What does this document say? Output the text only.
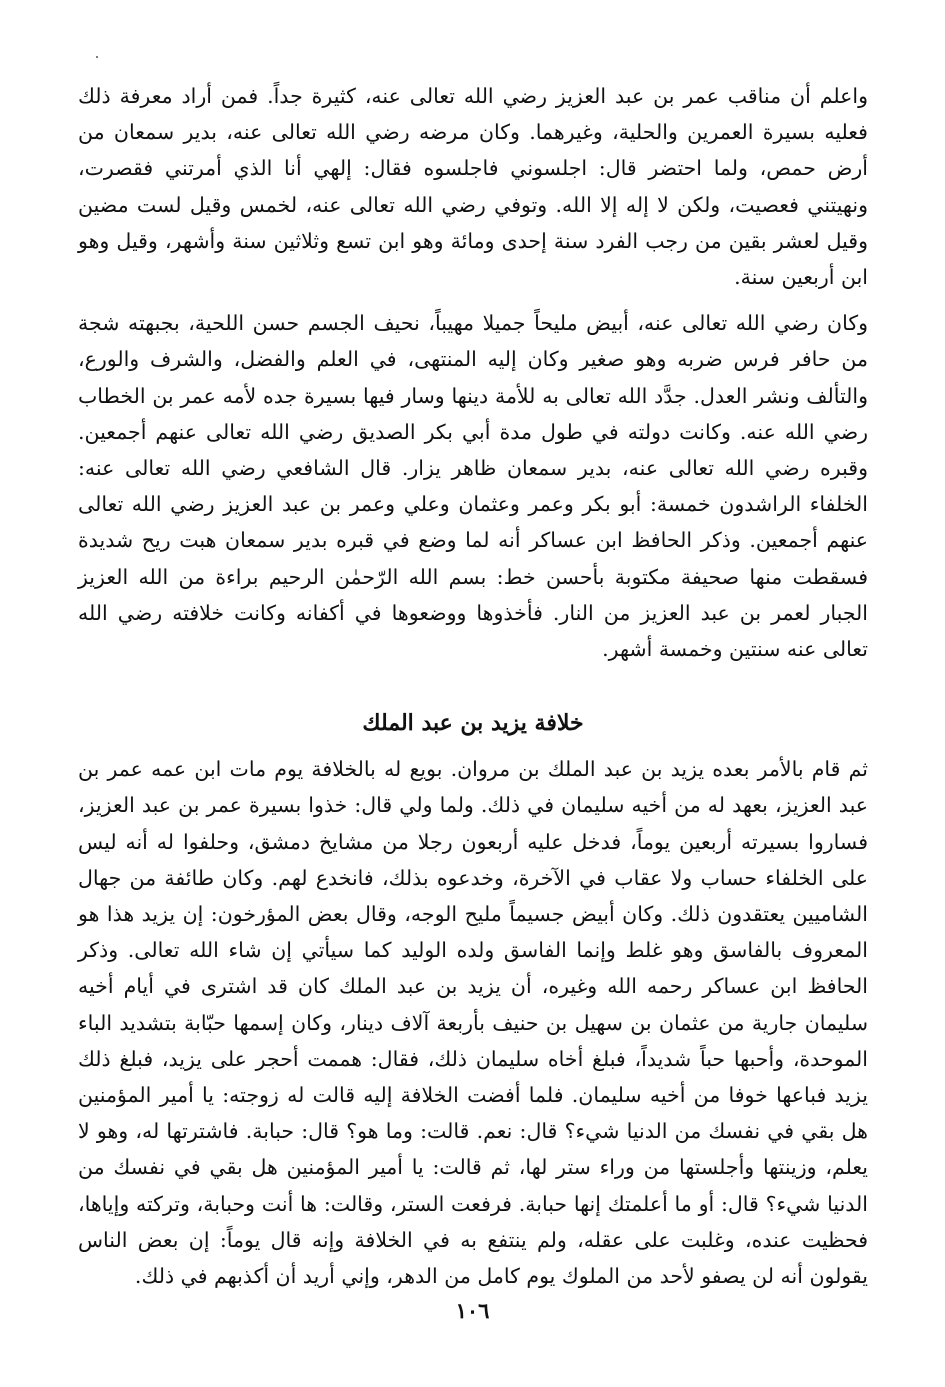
واعلم أن مناقب عمر بن عبد العزيز رضي الله تعالى عنه، كثيرة جداً. فمن أراد معرفة ذلك فعليه بسيرة العمرين والحلية، وغيرهما. وكان مرضه رضي الله تعالى عنه، بدير سمعان من أرض حمص، ولما احتضر قال: اجلسوني فاجلسوه فقال: إلهي أنا الذي أمرتني فقصرت، ونهيتني فعصيت، ولكن لا إله إلا الله. وتوفي رضي الله تعالى عنه، لخمس وقيل لست مضين وقيل لعشر بقين من رجب الفرد سنة إحدى ومائة وهو ابن تسع وثلاثين سنة وأشهر، وقيل وهو ابن أربعين سنة.

وكان رضي الله تعالى عنه، أبيض مليحاً جميلا مهيباً، نحيف الجسم حسن اللحية، بجبهته شجة من حافر فرس ضربه وهو صغير وكان إليه المنتهى، في العلم والفضل، والشرف والورع، والتألف ونشر العدل. جدَّد الله تعالى به للأمة دينها وسار فيها بسيرة جده لأمه عمر بن الخطاب رضي الله عنه. وكانت دولته في طول مدة أبي بكر الصديق رضي الله تعالى عنهم أجمعين. وقبره رضي الله تعالى عنه، بدير سمعان ظاهر يزار. قال الشافعي رضي الله تعالى عنه: الخلفاء الراشدون خمسة: أبو بكر وعمر وعثمان وعلي وعمر بن عبد العزيز رضي الله تعالى عنهم أجمعين. وذكر الحافظ ابن عساكر أنه لما وضع في قبره بدير سمعان هبت ريح شديدة فسقطت منها صحيفة مكتوبة بأحسن خط: بسم الله الرّحمٰن الرحيم براءة من الله العزيز الجبار لعمر بن عبد العزيز من النار. فأخذوها ووضعوها في أكفانه وكانت خلافته رضي الله تعالى عنه سنتين وخمسة أشهر.

خلافة يزيد بن عبد الملك

ثم قام بالأمر بعده يزيد بن عبد الملك بن مروان. بويع له بالخلافة يوم مات ابن عمه عمر بن عبد العزيز، بعهد له من أخيه سليمان في ذلك. ولما ولي قال: خذوا بسيرة عمر بن عبد العزيز، فساروا بسيرته أربعين يوماً، فدخل عليه أربعون رجلا من مشايخ دمشق، وحلفوا له أنه ليس على الخلفاء حساب ولا عقاب في الآخرة، وخدعوه بذلك، فانخدع لهم. وكان طائفة من جهال الشاميين يعتقدون ذلك. وكان أبيض جسيماً مليح الوجه، وقال بعض المؤرخون: إن يزيد هذا هو المعروف بالفاسق وهو غلط وإنما الفاسق ولده الوليد كما سيأتي إن شاء الله تعالى. وذكر الحافظ ابن عساكر رحمه الله وغيره، أن يزيد بن عبد الملك كان قد اشترى في أيام أخيه سليمان جارية من عثمان بن سهيل بن حنيف بأربعة آلاف دينار، وكان إسمها حبّابة بتشديد الباء الموحدة، وأحبها حباً شديداً، فبلغ أخاه سليمان ذلك، فقال: هممت أحجر على يزيد، فبلغ ذلك يزيد فباعها خوفا من أخيه سليمان. فلما أفضت الخلافة إليه قالت له زوجته: يا أمير المؤمنين هل بقي في نفسك من الدنيا شيء؟ قال: نعم. قالت: وما هو؟ قال: حبابة. فاشترتها له، وهو لا يعلم، وزينتها وأجلستها من وراء ستر لها، ثم قالت: يا أمير المؤمنين هل بقي في نفسك من الدنيا شيء؟ قال: أو ما أعلمتك إنها حبابة. فرفعت الستر، وقالت: ها أنت وحبابة، وتركته وإياها، فحظيت عنده، وغلبت على عقله، ولم ينتفع به في الخلافة وإنه قال يوماً: إن بعض الناس يقولون أنه لن يصفو لأحد من الملوك يوم كامل من الدهر، وإني أريد أن أكذبهم في ذلك.

١٠٦
